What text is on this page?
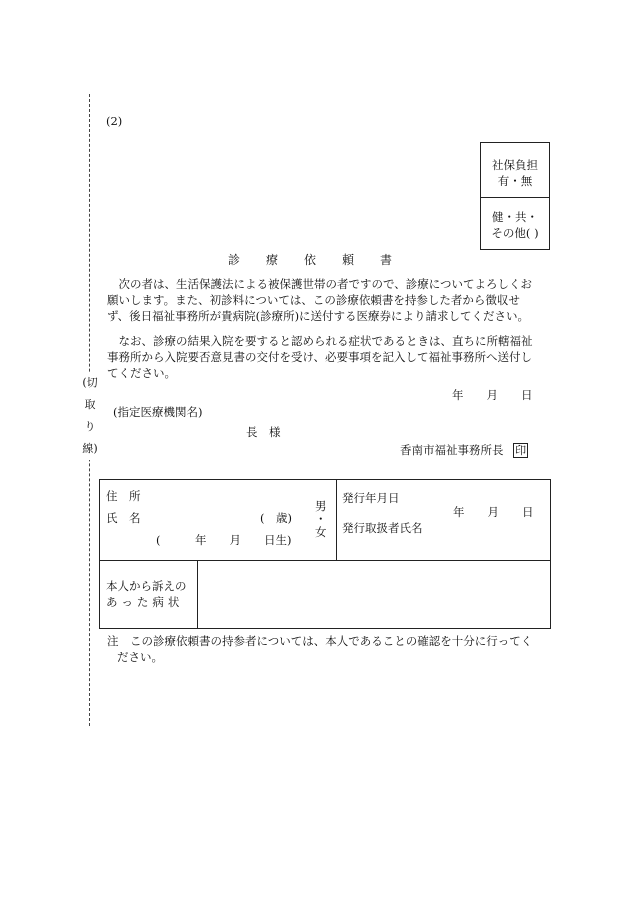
(切
取
り
線)
(2)
社保負担
有・無
健・共・
その他( )
診療依頼書
次の者は、生活保護法による被保護世帯の者ですので、診療についてよろしくお
願いします。また、初診料については、この診療依頼書を持参した者から徴収せ
ず、後日福祉事務所が貴病院(診療所)に送付する医療券により請求してください。
なお、診療の結果入院を要すると認められる症状であるときは、直ちに所轄福祉
事務所から入院要否意見書の交付を受け、必要事項を記入して福祉事務所へ送付し
てください。
年　　月　　日
(指定医療機関名)
長　様
香南市福祉事務所長 印
住　所
氏　名	(　歳)
(　　　年　　月　　日生)
男
・
女
発行年月日
年　　月　　日
発行取扱者氏名
本人から訴えの
あった病状
注　この診療依頼書の持参者については、本人であることの確認を十分に行ってく
ださい。
